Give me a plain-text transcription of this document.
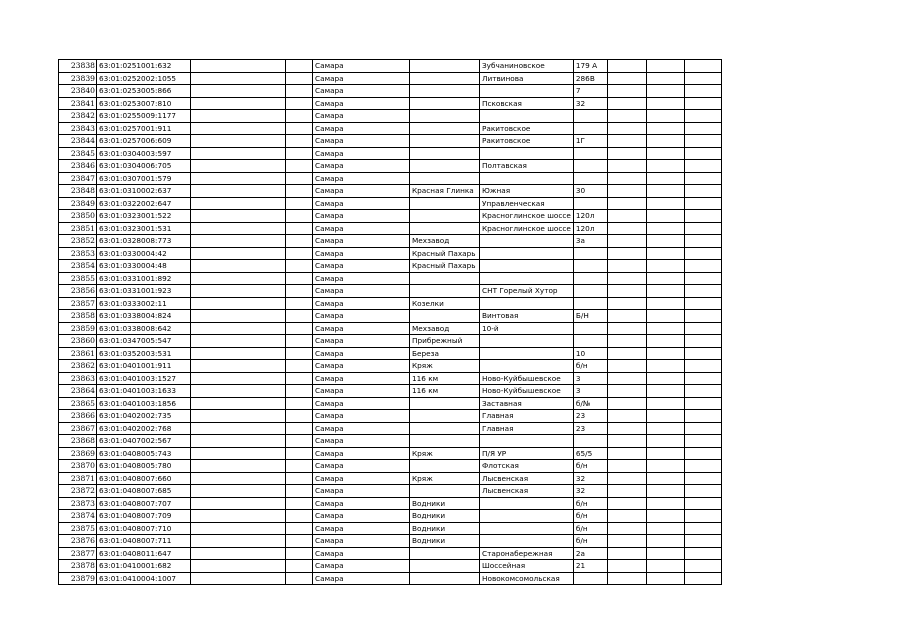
23838	63:01:0251001:632			Самара		Зубчаниновское	179 А			
23839	63:01:0252002:1055			Самара		Литвинова	286В			
23840	63:01:0253005:866			Самара			7			
23841	63:01:0253007:810			Самара		Псковская	32			
23842	63:01:0255009:1177			Самара						
23843	63:01:0257001:911			Самара		Ракитовское				
23844	63:01:0257006:609			Самара		Ракитовское	1Г			
23845	63:01:0304003:597			Самара						
23846	63:01:0304006:705			Самара		Полтавская				
23847	63:01:0307001:579			Самара						
23848	63:01:0310002:637			Самара	Красная Глинка	Южная	30			
23849	63:01:0322002:647			Самара		Управленческая				
23850	63:01:0323001:522			Самара		Красноглинское шоссе	120л			
23851	63:01:0323001:531			Самара		Красноглинское шоссе	120л			
23852	63:01:0328008:773			Самара	Мехзавод		3а			
23853	63:01:0330004:42			Самара	Красный Пахарь					
23854	63:01:0330004:48			Самара	Красный Пахарь					
23855	63:01:0331001:892			Самара						
23856	63:01:0331001:923			Самара		СНТ Горелый Хутор				
23857	63:01:0333002:11			Самара	Козелки					
23858	63:01:0338004:824			Самара		Винтовая	Б/Н			
23859	63:01:0338008:642			Самара	Мехзавод	10-й				
23860	63:01:0347005:547			Самара	Прибрежный					
23861	63:01:0352003:531			Самара	Береза		10			
23862	63:01:0401001:911			Самара	Кряж		б/н			
23863	63:01:0401003:1527			Самара	116 км	Ново-Куйбышевское	3			
23864	63:01:0401003:1633			Самара	116 км	Ново-Куйбышевское	3			
23865	63:01:0401003:1856			Самара		Заставная	б/№			
23866	63:01:0402002:735			Самара		Главная	23			
23867	63:01:0402002:768			Самара		Главная	23			
23868	63:01:0407002:567			Самара						
23869	63:01:0408005:743			Самара	Кряж	П/Я УР	65/5			
23870	63:01:0408005:780			Самара		Флотская	б/н			
23871	63:01:0408007:660			Самара	Кряж	Лысвенская	32			
23872	63:01:0408007:685			Самара		Лысвенская	32			
23873	63:01:0408007:707			Самара	Водники		б/н			
23874	63:01:0408007:709			Самара	Водники		б/н			
23875	63:01:0408007:710			Самара	Водники		б/н			
23876	63:01:0408007:711			Самара	Водники		б/н			
23877	63:01:0408011:647			Самара		Старонабережная	2а			
23878	63:01:0410001:682			Самара		Шоссейная	21			
23879	63:01:0410004:1007			Самара		Новокомсомольская				
